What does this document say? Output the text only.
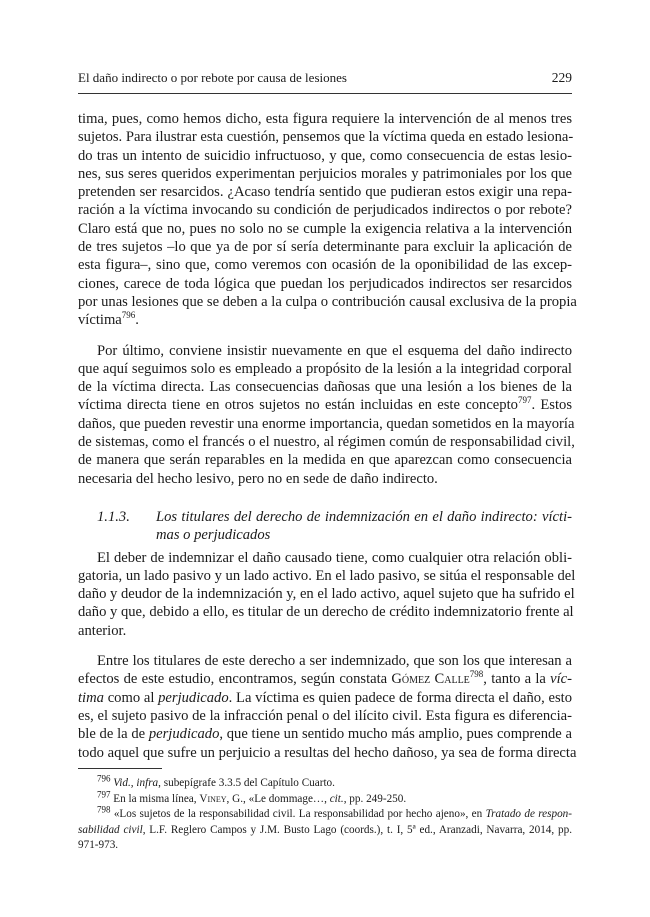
El daño indirecto o por rebote por causa de lesiones	229
tima, pues, como hemos dicho, esta figura requiere la intervención de al menos tres
sujetos. Para ilustrar esta cuestión, pensemos que la víctima queda en estado lesiona-
do tras un intento de suicidio infructuoso, y que, como consecuencia de estas lesio-
nes, sus seres queridos experimentan perjuicios morales y patrimoniales por los que
pretenden ser resarcidos. ¿Acaso tendría sentido que pudieran estos exigir una repa-
ración a la víctima invocando su condición de perjudicados indirectos o por rebote?
Claro está que no, pues no solo no se cumple la exigencia relativa a la intervención
de tres sujetos –lo que ya de por sí sería determinante para excluir la aplicación de
esta figura–, sino que, como veremos con ocasión de la oponibilidad de las excep-
ciones, carece de toda lógica que puedan los perjudicados indirectos ser resarcidos
por unas lesiones que se deben a la culpa o contribución causal exclusiva de la propia
víctima$^{796}$.
Por último, conviene insistir nuevamente en que el esquema del daño indirecto
que aquí seguimos solo es empleado a propósito de la lesión a la integridad corporal
de la víctima directa. Las consecuencias dañosas que una lesión a los bienes de la
víctima directa tiene en otros sujetos no están incluidas en este concepto$^{797}$. Estos
daños, que pueden revestir una enorme importancia, quedan sometidos en la mayoría
de sistemas, como el francés o el nuestro, al régimen común de responsabilidad civil,
de manera que serán reparables en la medida en que aparezcan como consecuencia
necesaria del hecho lesivo, pero no en sede de daño indirecto.
1.1.3. Los titulares del derecho de indemnización en el daño indirecto: vícti-
mas o perjudicados
El deber de indemnizar el daño causado tiene, como cualquier otra relación obli-
gatoria, un lado pasivo y un lado activo. En el lado pasivo, se sitúa el responsable del
daño y deudor de la indemnización y, en el lado activo, aquel sujeto que ha sufrido el
daño y que, debido a ello, es titular de un derecho de crédito indemnizatorio frente al
anterior.
Entre los titulares de este derecho a ser indemnizado, que son los que interesan a
efectos de este estudio, encontramos, según constata Gómez Calle$^{798}$, tanto a la víc-
tima como al perjudicado. La víctima es quien padece de forma directa el daño, esto
es, el sujeto pasivo de la infracción penal o del ilícito civil. Esta figura es diferencia-
ble de la de perjudicado, que tiene un sentido mucho más amplio, pues comprende a
todo aquel que sufre un perjuicio a resultas del hecho dañoso, ya sea de forma directa
$^{796}$ Vid., infra, subepígrafe 3.3.5 del Capítulo Cuarto.
$^{797}$ En la misma línea, Viney, G., «Le dommage…, cit., pp. 249-250.
$^{798}$ «Los sujetos de la responsabilidad civil. La responsabilidad por hecho ajeno», en Tratado de respon-
sabilidad civil, L.F. Reglero Campos y J.M. Busto Lago (coords.), t. I, 5ª ed., Aranzadi, Navarra, 2014, pp.
971-973.
